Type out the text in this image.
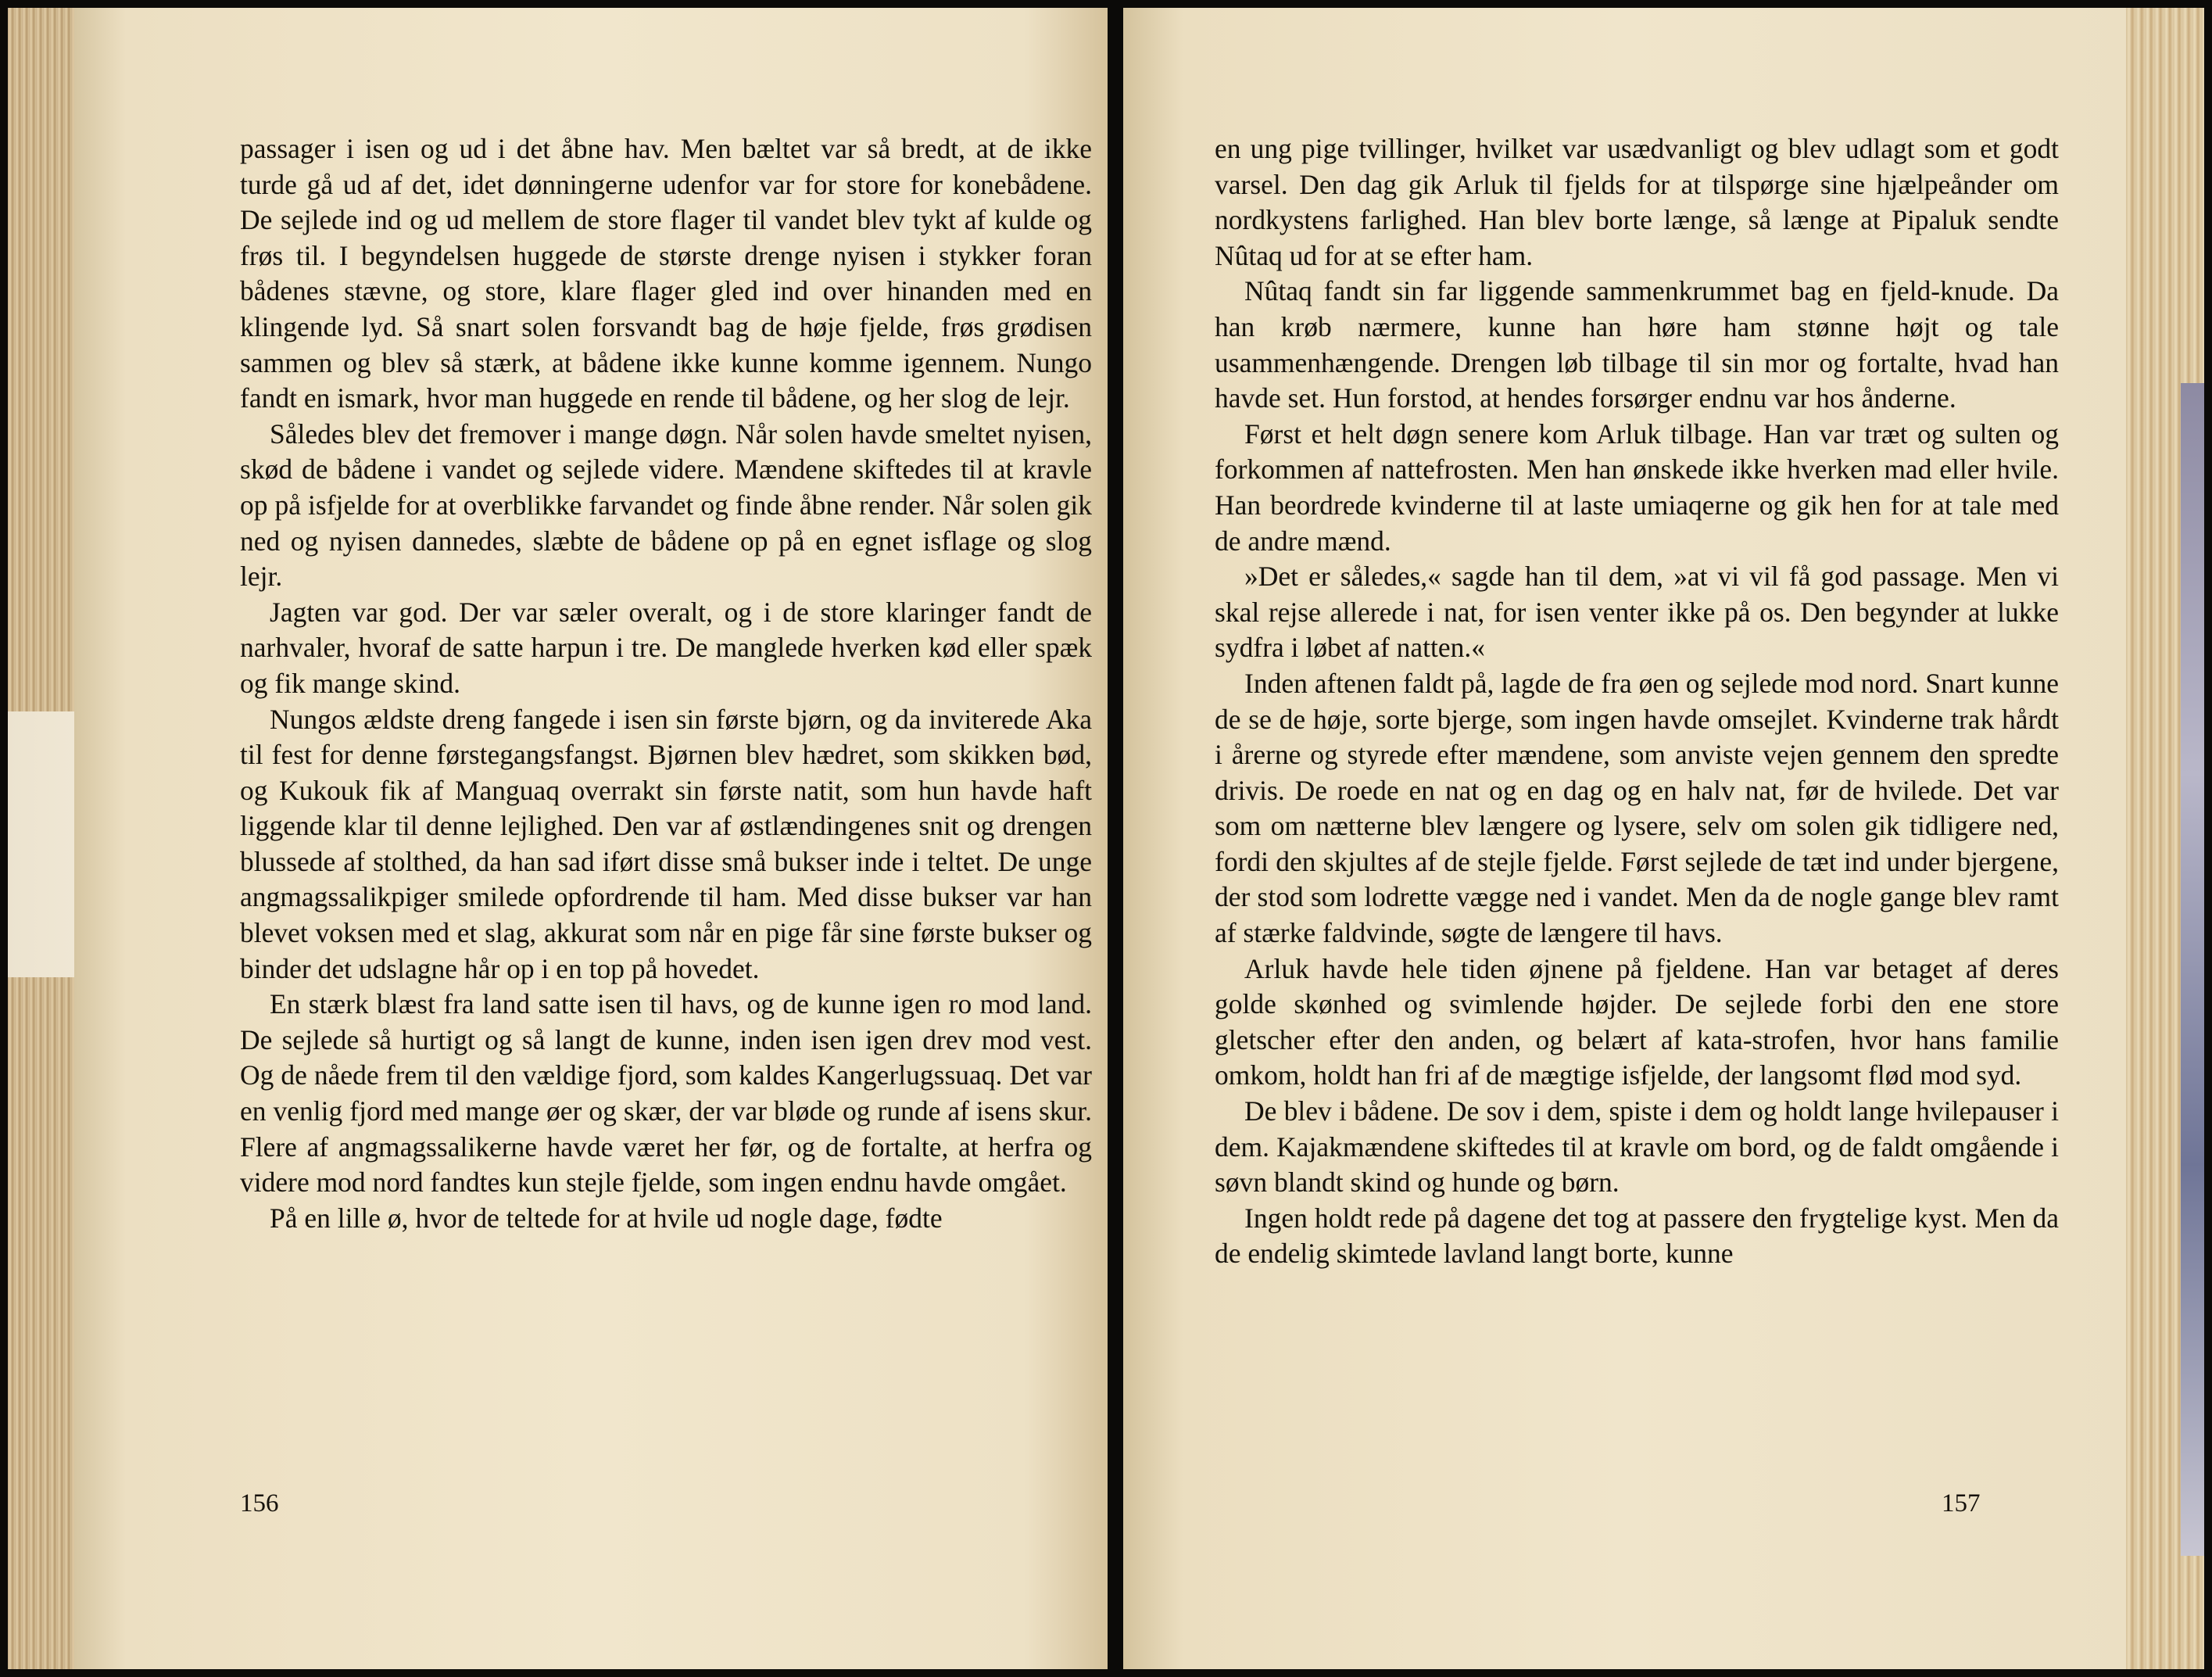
passager i isen og ud i det åbne hav. Men bæltet var så bredt, at de ikke turde gå ud af det, idet dønningerne udenfor var for store for konebådene. De sejlede ind og ud mellem de store flager til vandet blev tykt af kulde og frøs til. I begyndelsen huggede de største drenge nyisen i stykker foran bådenes stævne, og store, klare flager gled ind over hinanden med en klingende lyd. Så snart solen forsvandt bag de høje fjelde, frøs grødisen sammen og blev så stærk, at bådene ikke kunne komme igennem. Nungo fandt en ismark, hvor man huggede en rende til bådene, og her slog de lejr.

Således blev det fremover i mange døgn. Når solen havde smeltet nyisen, skød de bådene i vandet og sejlede videre. Mændene skiftedes til at kravle op på isfjelde for at overblikke farvandet og finde åbne render. Når solen gik ned og nyisen dannedes, slæbte de bådene op på en egnet isflage og slog lejr.

Jagten var god. Der var sæler overalt, og i de store klaringer fandt de narhvaler, hvoraf de satte harpun i tre. De manglede hverken kød eller spæk og fik mange skind.

Nungos ældste dreng fangede i isen sin første bjørn, og da inviterede Aka til fest for denne førstegangsfangst. Bjørnen blev hædret, som skikken bød, og Kukouk fik af Manguaq overrakt sin første natit, som hun havde haft liggende klar til denne lejlighed. Den var af østlændingenes snit og drengen blussede af stolthed, da han sad iført disse små bukser inde i teltet. De unge angmagssalikpiger smilede opfordrende til ham. Med disse bukser var han blevet voksen med et slag, akkurat som når en pige får sine første bukser og binder det udslagne hår op i en top på hovedet.

En stærk blæst fra land satte isen til havs, og de kunne igen ro mod land. De sejlede så hurtigt og så langt de kunne, inden isen igen drev mod vest. Og de nåede frem til den vældige fjord, som kaldes Kangerlugssuaq. Det var en venlig fjord med mange øer og skær, der var bløde og runde af isens skur. Flere af angmagssalikerne havde været her før, og de fortalte, at herfra og videre mod nord fandtes kun stejle fjelde, som ingen endnu havde omgået.

På en lille ø, hvor de teltede for at hvile ud nogle dage, fødte

156

en ung pige tvillinger, hvilket var usædvanligt og blev udlagt som et godt varsel. Den dag gik Arluk til fjelds for at tilspørge sine hjælpeånder om nordkystens farlighed. Han blev borte længe, så længe at Pipaluk sendte Nûtaq ud for at se efter ham.

Nûtaq fandt sin far liggende sammenkrummet bag en fjeld-knude. Da han krøb nærmere, kunne han høre ham stønne højt og tale usammenhængende. Drengen løb tilbage til sin mor og fortalte, hvad han havde set. Hun forstod, at hendes forsørger endnu var hos ånderne.

Først et helt døgn senere kom Arluk tilbage. Han var træt og sulten og forkommen af nattefrosten. Men han ønskede ikke hverken mad eller hvile. Han beordrede kvinderne til at laste umiaqerne og gik hen for at tale med de andre mænd.

»Det er således,« sagde han til dem, »at vi vil få god passage. Men vi skal rejse allerede i nat, for isen venter ikke på os. Den begynder at lukke sydfra i løbet af natten.«

Inden aftenen faldt på, lagde de fra øen og sejlede mod nord. Snart kunne de se de høje, sorte bjerge, som ingen havde omsejlet. Kvinderne trak hårdt i årerne og styrede efter mændene, som anviste vejen gennem den spredte drivis. De roede en nat og en dag og en halv nat, før de hvilede. Det var som om nætterne blev længere og lysere, selv om solen gik tidligere ned, fordi den skjultes af de stejle fjelde. Først sejlede de tæt ind under bjergene, der stod som lodrette vægge ned i vandet. Men da de nogle gange blev ramt af stærke faldvinde, søgte de længere til havs.

Arluk havde hele tiden øjnene på fjeldene. Han var betaget af deres golde skønhed og svimlende højder. De sejlede forbi den ene store gletscher efter den anden, og belært af kata-strofen, hvor hans familie omkom, holdt han fri af de mægtige isfjelde, der langsomt flød mod syd.

De blev i bådene. De sov i dem, spiste i dem og holdt lange hvilepauser i dem. Kajakmændene skiftedes til at kravle om bord, og de faldt omgående i søvn blandt skind og hunde og børn.

Ingen holdt rede på dagene det tog at passere den frygtelige kyst. Men da de endelig skimtede lavland langt borte, kunne

157
